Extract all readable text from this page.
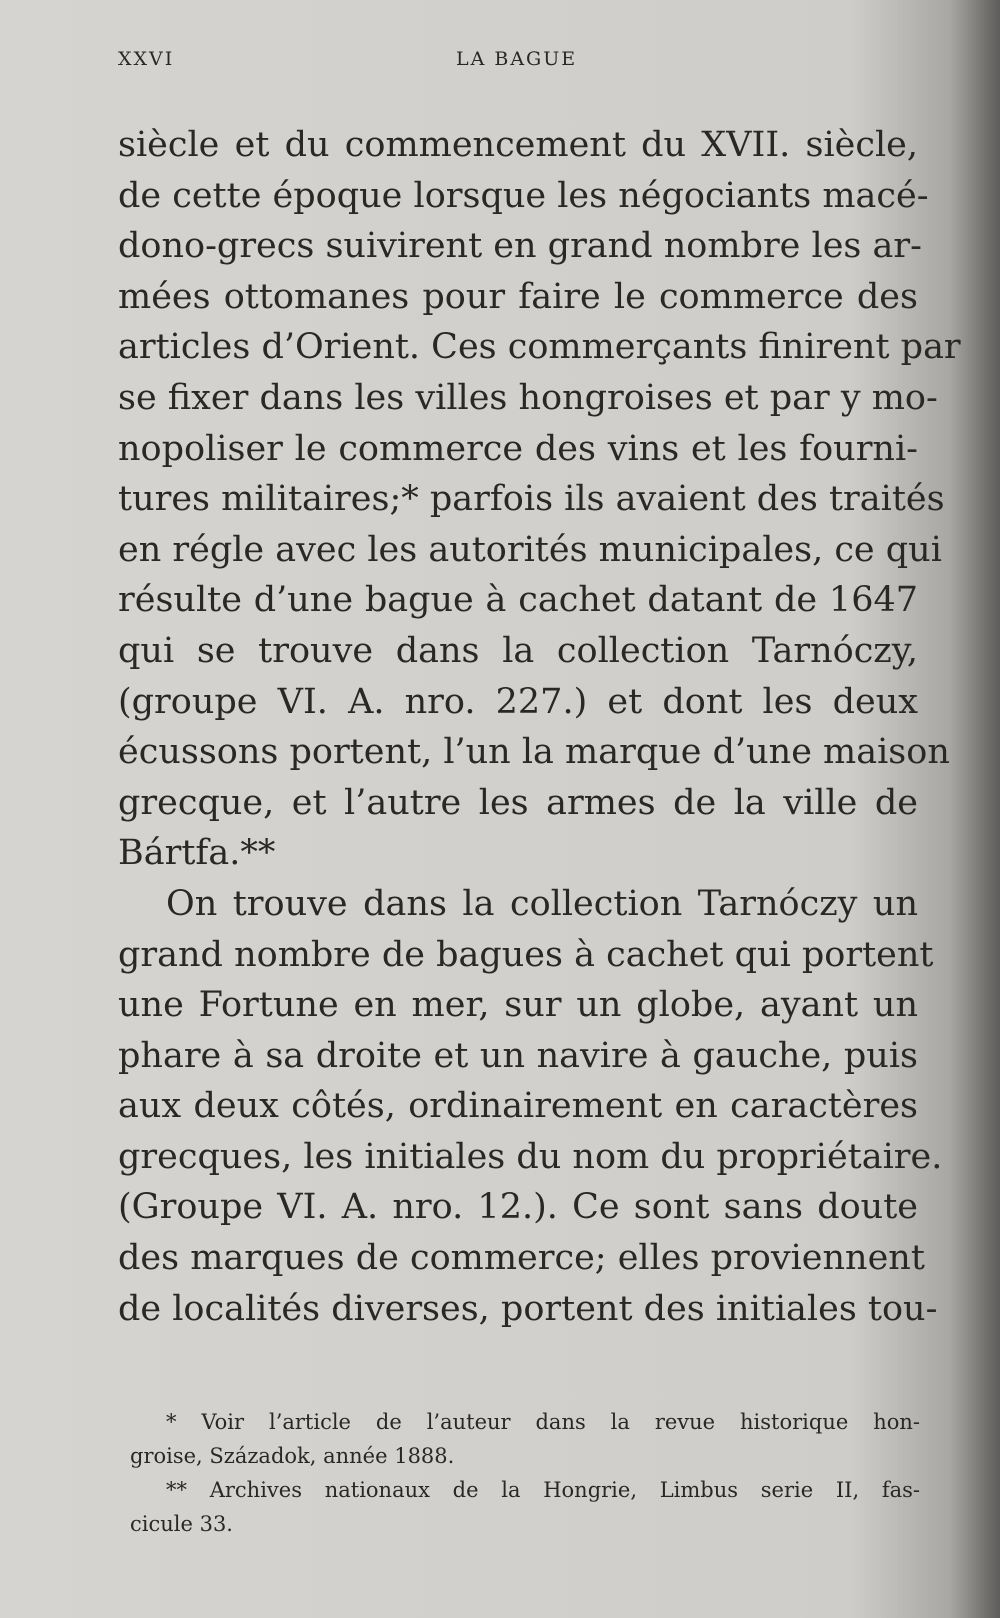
XXVI	LA BAGUE
siècle et du commencement du XVII. siècle,
de cette époque lorsque les négociants macé-
dono-grecs suivirent en grand nombre les ar-
mées ottomanes pour faire le commerce des
articles d’Orient. Ces commerçants finirent par
se fixer dans les villes hongroises et par y mo-
nopoliser le commerce des vins et les fourni-
tures militaires;* parfois ils avaient des traités
en régle avec les autorités municipales, ce qui
résulte d’une bague à cachet datant de 1647
qui se trouve dans la collection Tarnóczy,
(groupe VI. A. nro. 227.) et dont les deux
écussons portent, l’un la marque d’une maison
grecque, et l’autre les armes de la ville de
Bártfa.**
On trouve dans la collection Tarnóczy un
grand nombre de bagues à cachet qui portent
une Fortune en mer, sur un globe, ayant un
phare à sa droite et un navire à gauche, puis
aux deux côtés, ordinairement en caractères
grecques, les initiales du nom du propriétaire.
(Groupe VI. A. nro. 12.). Ce sont sans doute
des marques de commerce; elles proviennent
de localités diverses, portent des initiales tou-
* Voir l’article de l’auteur dans la revue historique hon-
groise, Századok, année 1888.
** Archives nationaux de la Hongrie, Limbus serie II, fas-
cicule 33.
